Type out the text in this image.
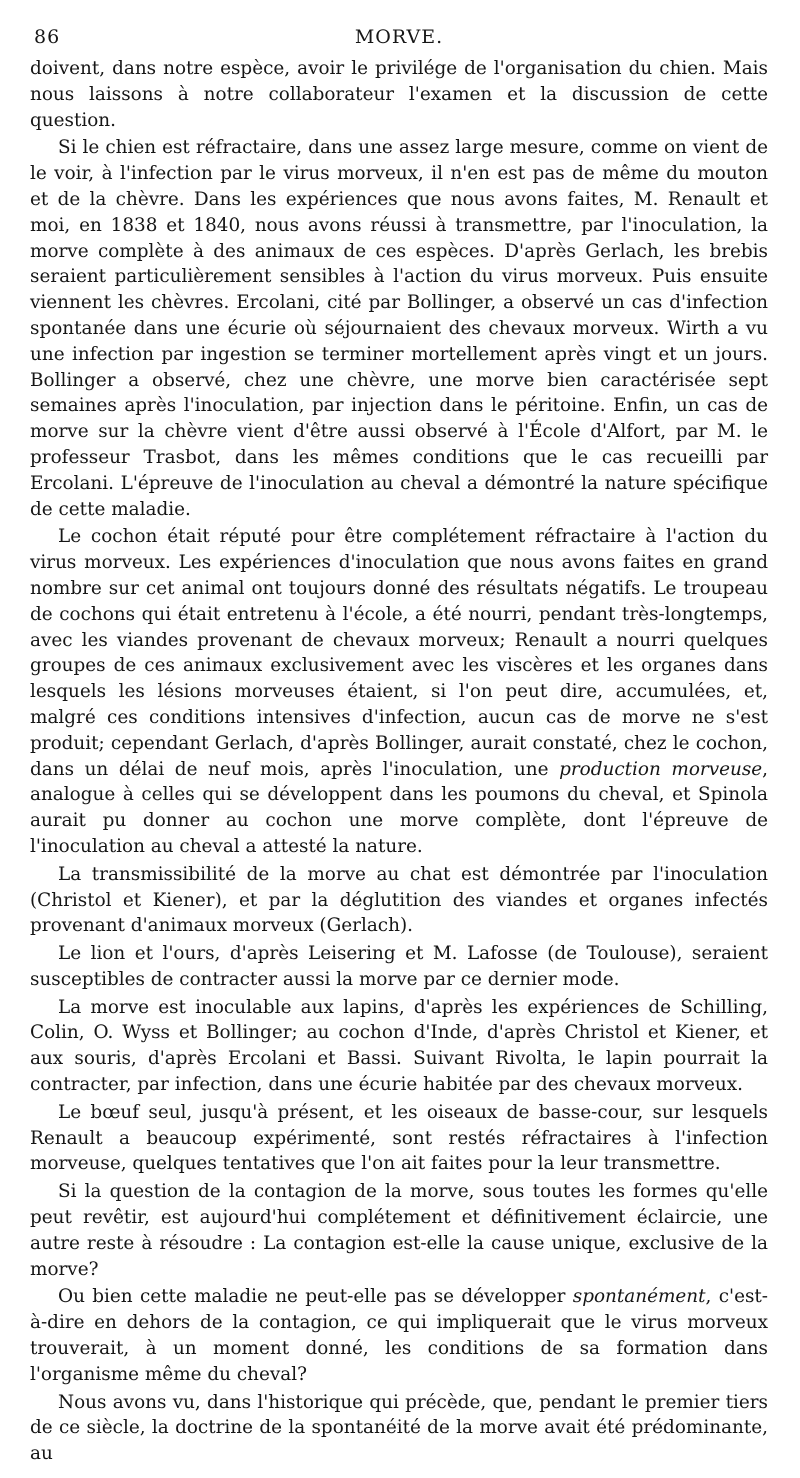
86	MORVE.

doivent, dans notre espèce, avoir le privilége de l'organisation du chien. Mais nous laissons à notre collaborateur l'examen et la discussion de cette question.

Si le chien est réfractaire, dans une assez large mesure, comme on vient de le voir, à l'infection par le virus morveux, il n'en est pas de même du mouton et de la chèvre. Dans les expériences que nous avons faites, M. Renault et moi, en 1838 et 1840, nous avons réussi à transmettre, par l'inoculation, la morve complète à des animaux de ces espèces. D'après Gerlach, les brebis seraient particulièrement sensibles à l'action du virus morveux. Puis ensuite viennent les chèvres. Ercolani, cité par Bollinger, a observé un cas d'infection spontanée dans une écurie où séjournaient des chevaux morveux. Wirth a vu une infection par ingestion se terminer mortellement après vingt et un jours. Bollinger a observé, chez une chèvre, une morve bien caractérisée sept semaines après l'inoculation, par injection dans le péritoine. Enfin, un cas de morve sur la chèvre vient d'être aussi observé à l'École d'Alfort, par M. le professeur Trasbot, dans les mêmes conditions que le cas recueilli par Ercolani. L'épreuve de l'inoculation au cheval a démontré la nature spécifique de cette maladie.

Le cochon était réputé pour être complétement réfractaire à l'action du virus morveux. Les expériences d'inoculation que nous avons faites en grand nombre sur cet animal ont toujours donné des résultats négatifs. Le troupeau de cochons qui était entretenu à l'école, a été nourri, pendant très-longtemps, avec les viandes provenant de chevaux morveux; Renault a nourri quelques groupes de ces animaux exclusivement avec les viscères et les organes dans lesquels les lésions morveuses étaient, si l'on peut dire, accumulées, et, malgré ces conditions intensives d'infection, aucun cas de morve ne s'est produit; cependant Gerlach, d'après Bollinger, aurait constaté, chez le cochon, dans un délai de neuf mois, après l'inoculation, une production morveuse, analogue à celles qui se développent dans les poumons du cheval, et Spinola aurait pu donner au cochon une morve complète, dont l'épreuve de l'inoculation au cheval a attesté la nature.

La transmissibilité de la morve au chat est démontrée par l'inoculation (Christol et Kiener), et par la déglutition des viandes et organes infectés provenant d'animaux morveux (Gerlach).

Le lion et l'ours, d'après Leisering et M. Lafosse (de Toulouse), seraient susceptibles de contracter aussi la morve par ce dernier mode.

La morve est inoculable aux lapins, d'après les expériences de Schilling, Colin, O. Wyss et Bollinger; au cochon d'Inde, d'après Christol et Kiener, et aux souris, d'après Ercolani et Bassi. Suivant Rivolta, le lapin pourrait la contracter, par infection, dans une écurie habitée par des chevaux morveux.

Le bœuf seul, jusqu'à présent, et les oiseaux de basse-cour, sur lesquels Renault a beaucoup expérimenté, sont restés réfractaires à l'infection morveuse, quelques tentatives que l'on ait faites pour la leur transmettre.

Si la question de la contagion de la morve, sous toutes les formes qu'elle peut revêtir, est aujourd'hui complétement et définitivement éclaircie, une autre reste à résoudre : La contagion est-elle la cause unique, exclusive de la morve?

Ou bien cette maladie ne peut-elle pas se développer spontanément, c'est-à-dire en dehors de la contagion, ce qui impliquerait que le virus morveux trouverait, à un moment donné, les conditions de sa formation dans l'organisme même du cheval?

Nous avons vu, dans l'historique qui précède, que, pendant le premier tiers de ce siècle, la doctrine de la spontanéité de la morve avait été prédominante, au
